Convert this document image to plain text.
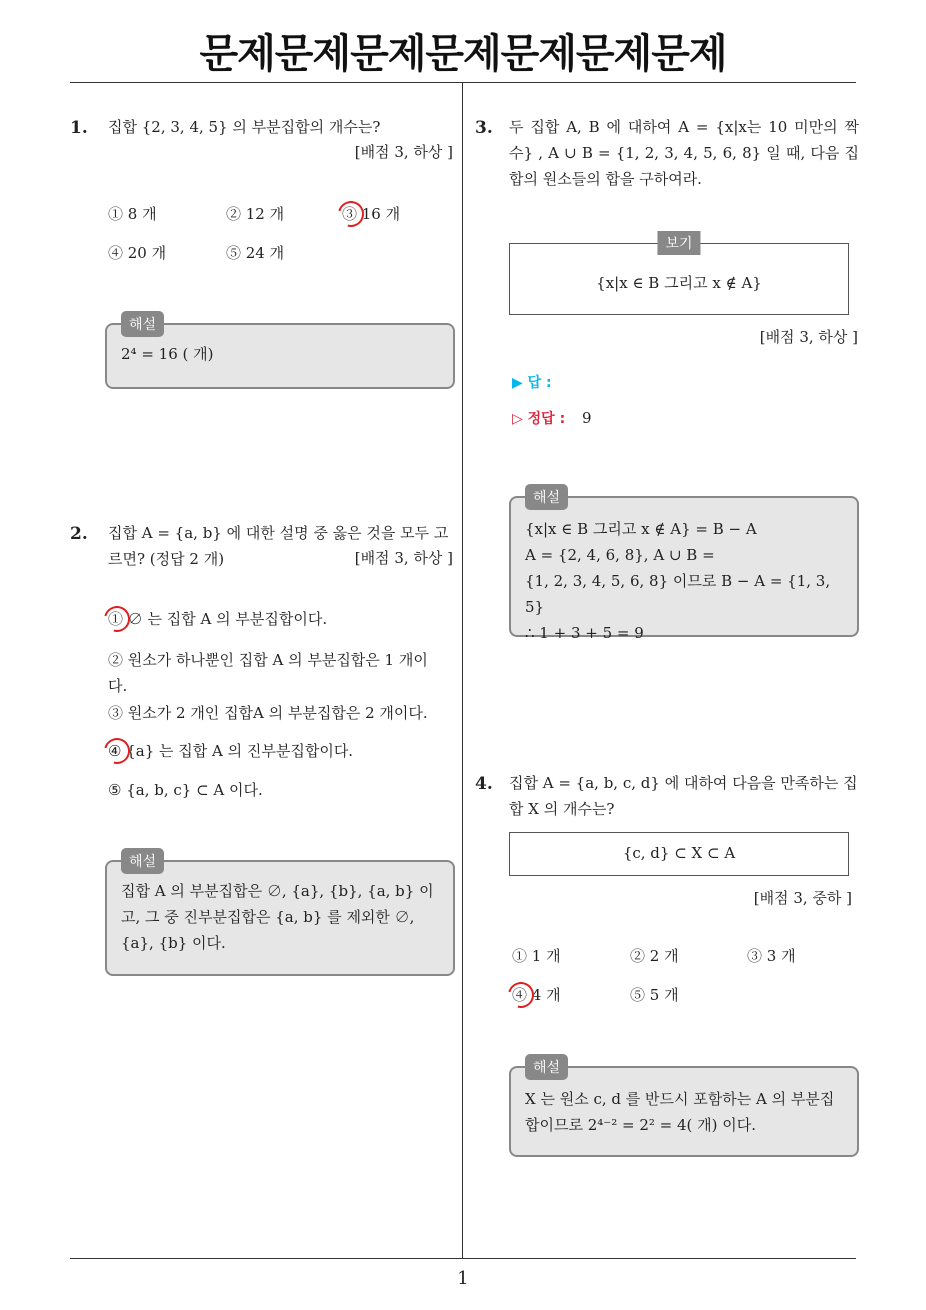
문제문제문제문제문제문제문제
1. 집합 {2, 3, 4, 5} 의 부분집합의 개수는?
[배점 3, 하상 ]
① 8 개	② 12 개	③ 16 개
④ 20 개	⑤ 24 개
해설
2⁴ = 16 ( 개)
2. 집합 A = {a, b} 에 대한 설명 중 옳은 것을 모두 고르면? (정답 2 개)	[배점 3, 하상 ]
① ∅ 는 집합 A 의 부분집합이다.
② 원소가 하나뿐인 집합 A 의 부분집합은 1 개이다.
③ 원소가 2 개인 집합A 의 부분집합은 2 개이다.
④ {a} 는 집합 A 의 진부분집합이다.
⑤ {a, b, c} ⊂ A 이다.
해설
집합 A 의 부분집합은 ∅, {a}, {b}, {a, b} 이고, 그 중 진부분집합은 {a, b} 를 제외한 ∅, {a}, {b} 이다.
3. 두 집합 A, B 에 대하여 A = {x|x는 10 미만의 짝수} , A ∪ B = {1, 2, 3, 4, 5, 6, 8} 일 때, 다음 집합의 원소들의 합을 구하여라.
보기
{x|x ∈ B 그리고 x ∉ A}
[배점 3, 하상 ]
▶ 답 :
▷ 정답 : 9
해설
{x|x ∈ B 그리고 x ∉ A} = B − A
A = {2, 4, 6, 8}, A ∪ B =
{1, 2, 3, 4, 5, 6, 8} 이므로 B − A = {1, 3, 5}
∴ 1 + 3 + 5 = 9
4. 집합 A = {a, b, c, d} 에 대하여 다음을 만족하는 집합 X 의 개수는?
{c, d} ⊂ X ⊂ A
[배점 3, 중하 ]
① 1 개	② 2 개	③ 3 개
④ 4 개	⑤ 5 개
해설
X 는 원소 c, d 를 반드시 포함하는 A 의 부분집합이므로 2⁴⁻² = 2² = 4( 개) 이다.
1
